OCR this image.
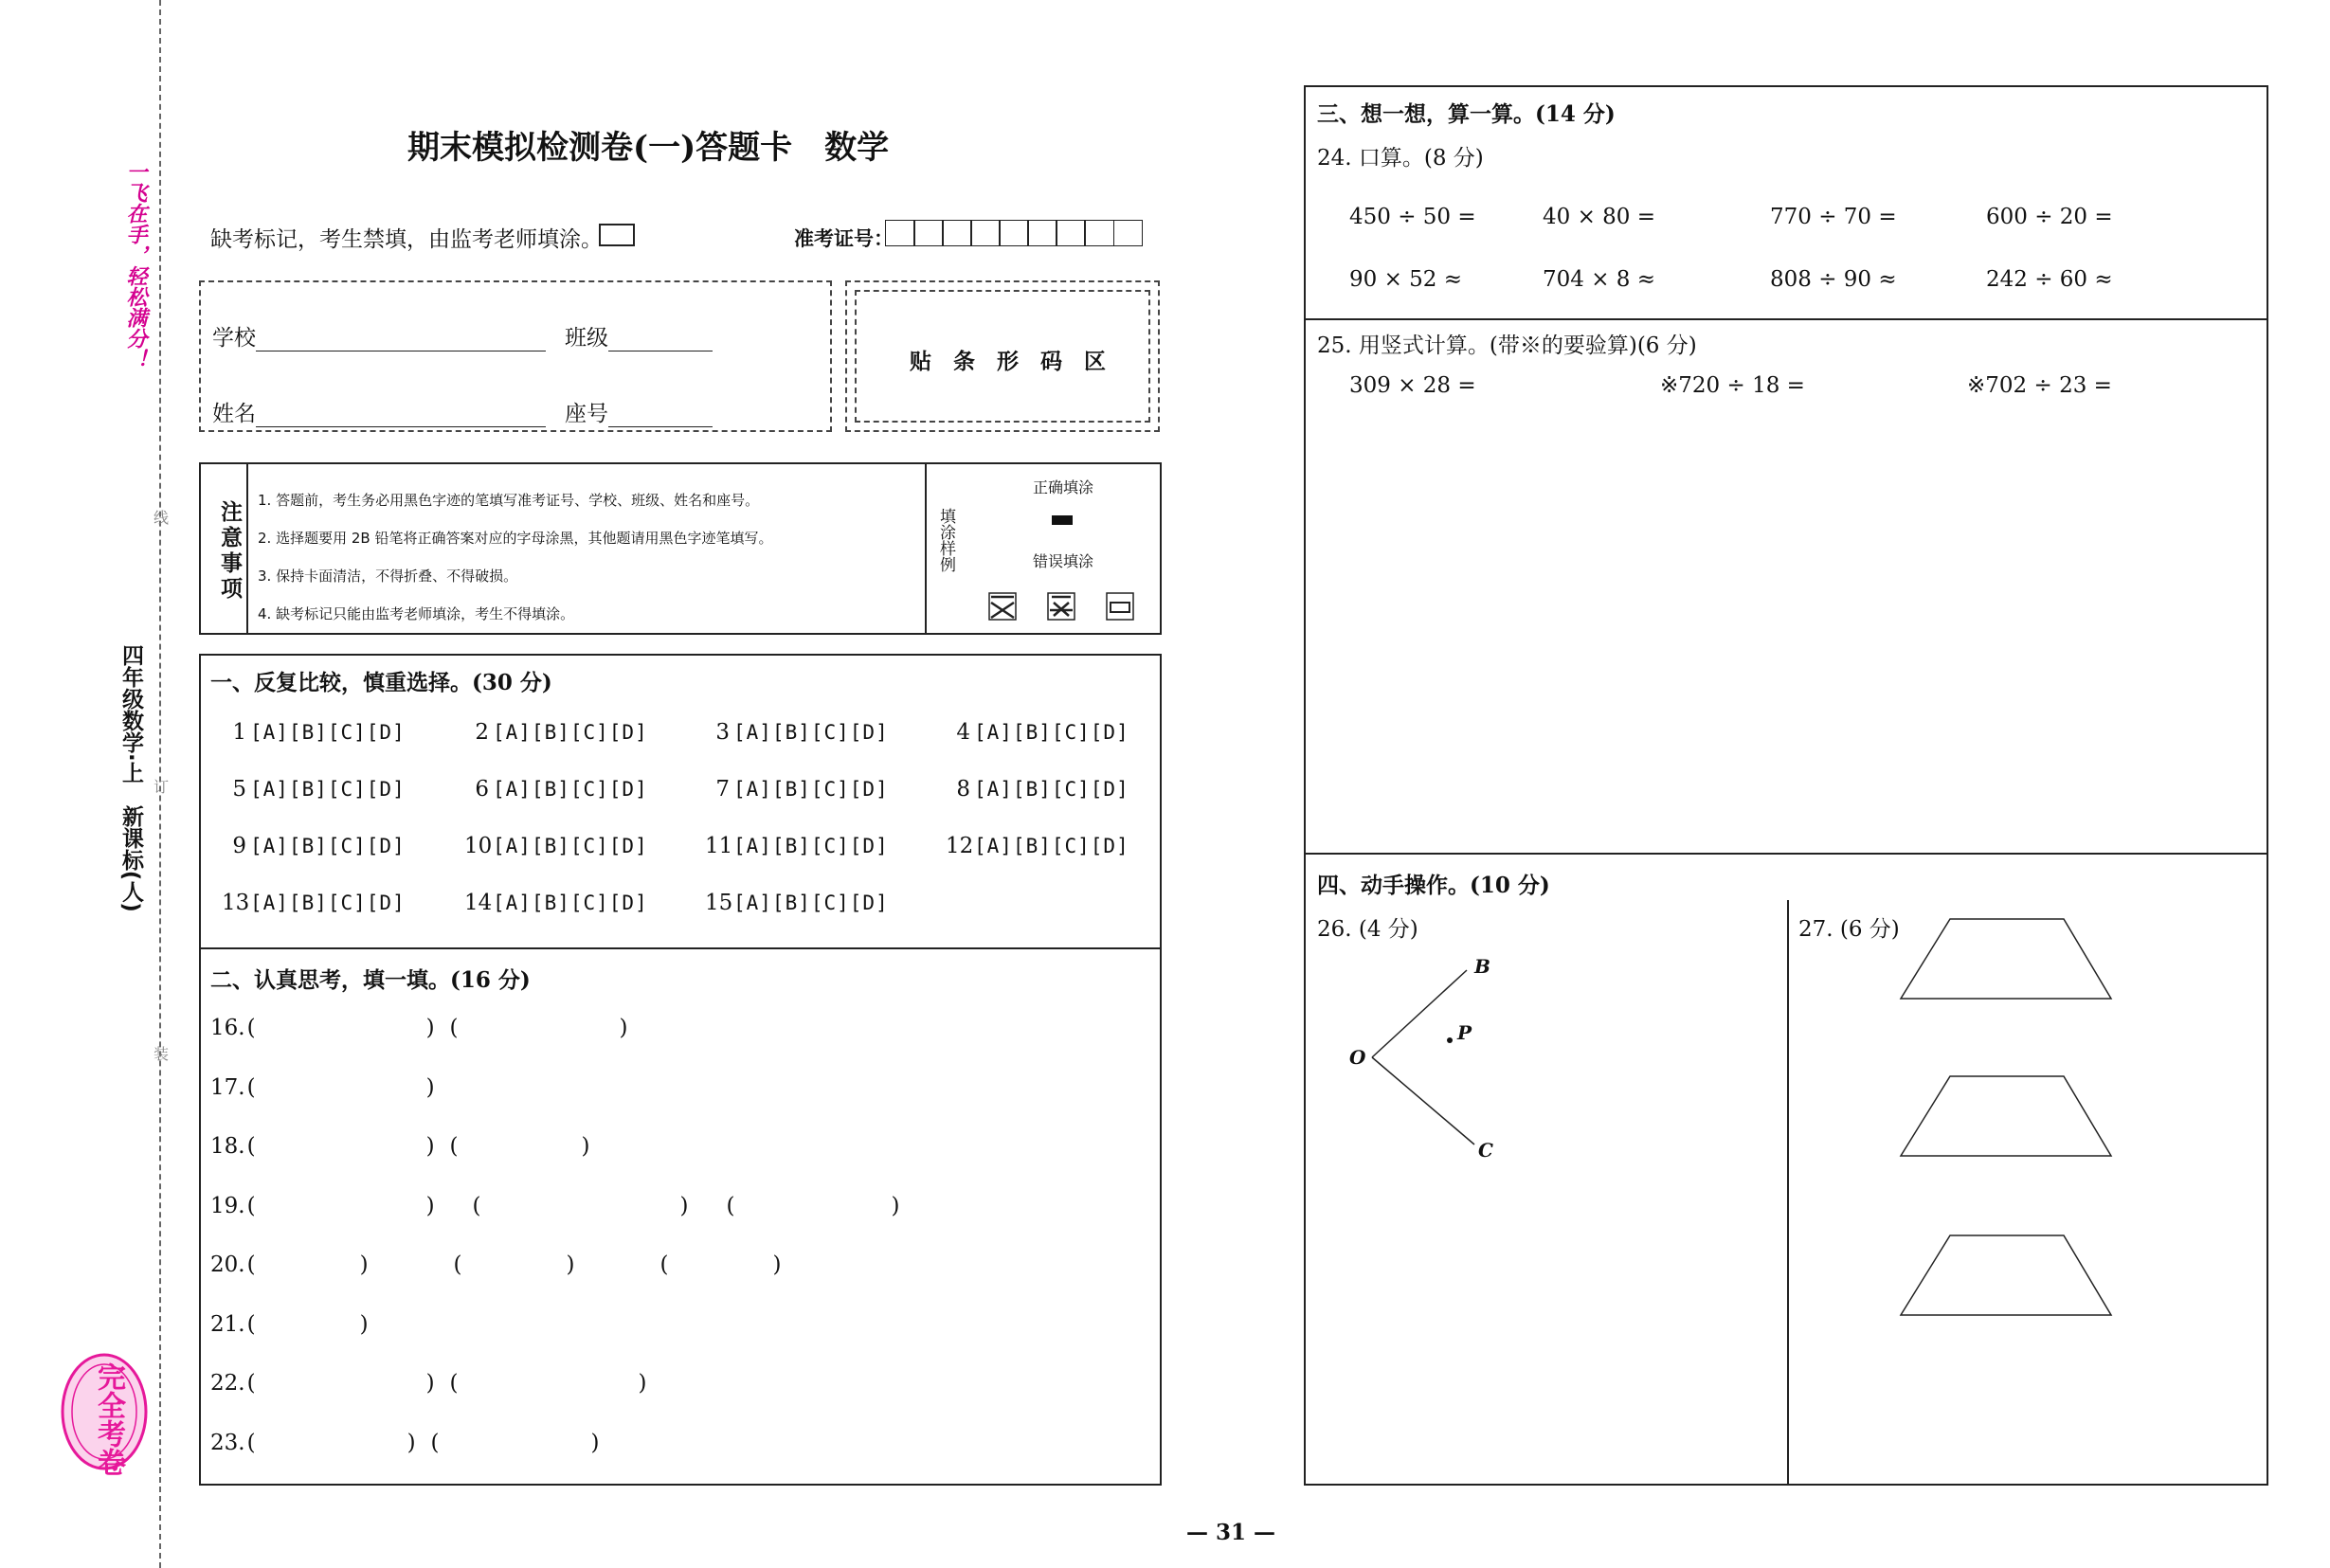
一飞在手，轻松满分！
四年级数学·上　新课标(人)
线
订
装
完全考卷
期末模拟检测卷(一)答题卡　数学
缺考标记，考生禁填，由监考老师填涂。	准考证号：
学校	班级
姓名	座号
贴　条　形　码　区
注意事项 1. 答题前，考生务必用黑色字迹的笔填写准考证号、学校、班级、姓名和座号。
2. 选择题要用 2B 铅笔将正确答案对应的字母涂黑，其他题请用黑色字迹笔填写。
3. 保持卡面清洁，不得折叠、不得破损。
4. 缺考标记只能由监考老师填涂，考生不得填涂。
填涂样例
正确填涂
错误填涂
一、反复比较，慎重选择。(30 分)
1 [A][B][C][D]	2 [A][B][C][D]	3 [A][B][C][D]	4 [A][B][C][D]
5 [A][B][C][D]	6 [A][B][C][D]	7 [A][B][C][D]	8 [A][B][C][D]
9 [A][B][C][D]	10[A][B][C][D]	11[A][B][C][D]	12[A][B][C][D]
13[A][B][C][D]	14[A][B][C][D]	15[A][B][C][D]
二、认真思考，填一填。(16 分)
16.(	) (	)
17.(	)
18.(	) (	)
19.(	) (	) (	)
20.(	)	(	)	(	)
21.(	)
22.(	) (	)
23.(	) (	)
三、想一想，算一算。(14 分)
24. 口算。(8 分)
450 ÷ 50 =	40 × 80 =	770 ÷ 70 =	600 ÷ 20 =
90 × 52 ≈	704 × 8 ≈	808 ÷ 90 ≈	242 ÷ 60 ≈
25. 用竖式计算。(带※的要验算)(6 分)
309 × 28 =	※720 ÷ 18 =	※702 ÷ 23 =
四、动手操作。(10 分)
26. (4 分)	27. (6 分)
B
P
O
C
— 31 —
